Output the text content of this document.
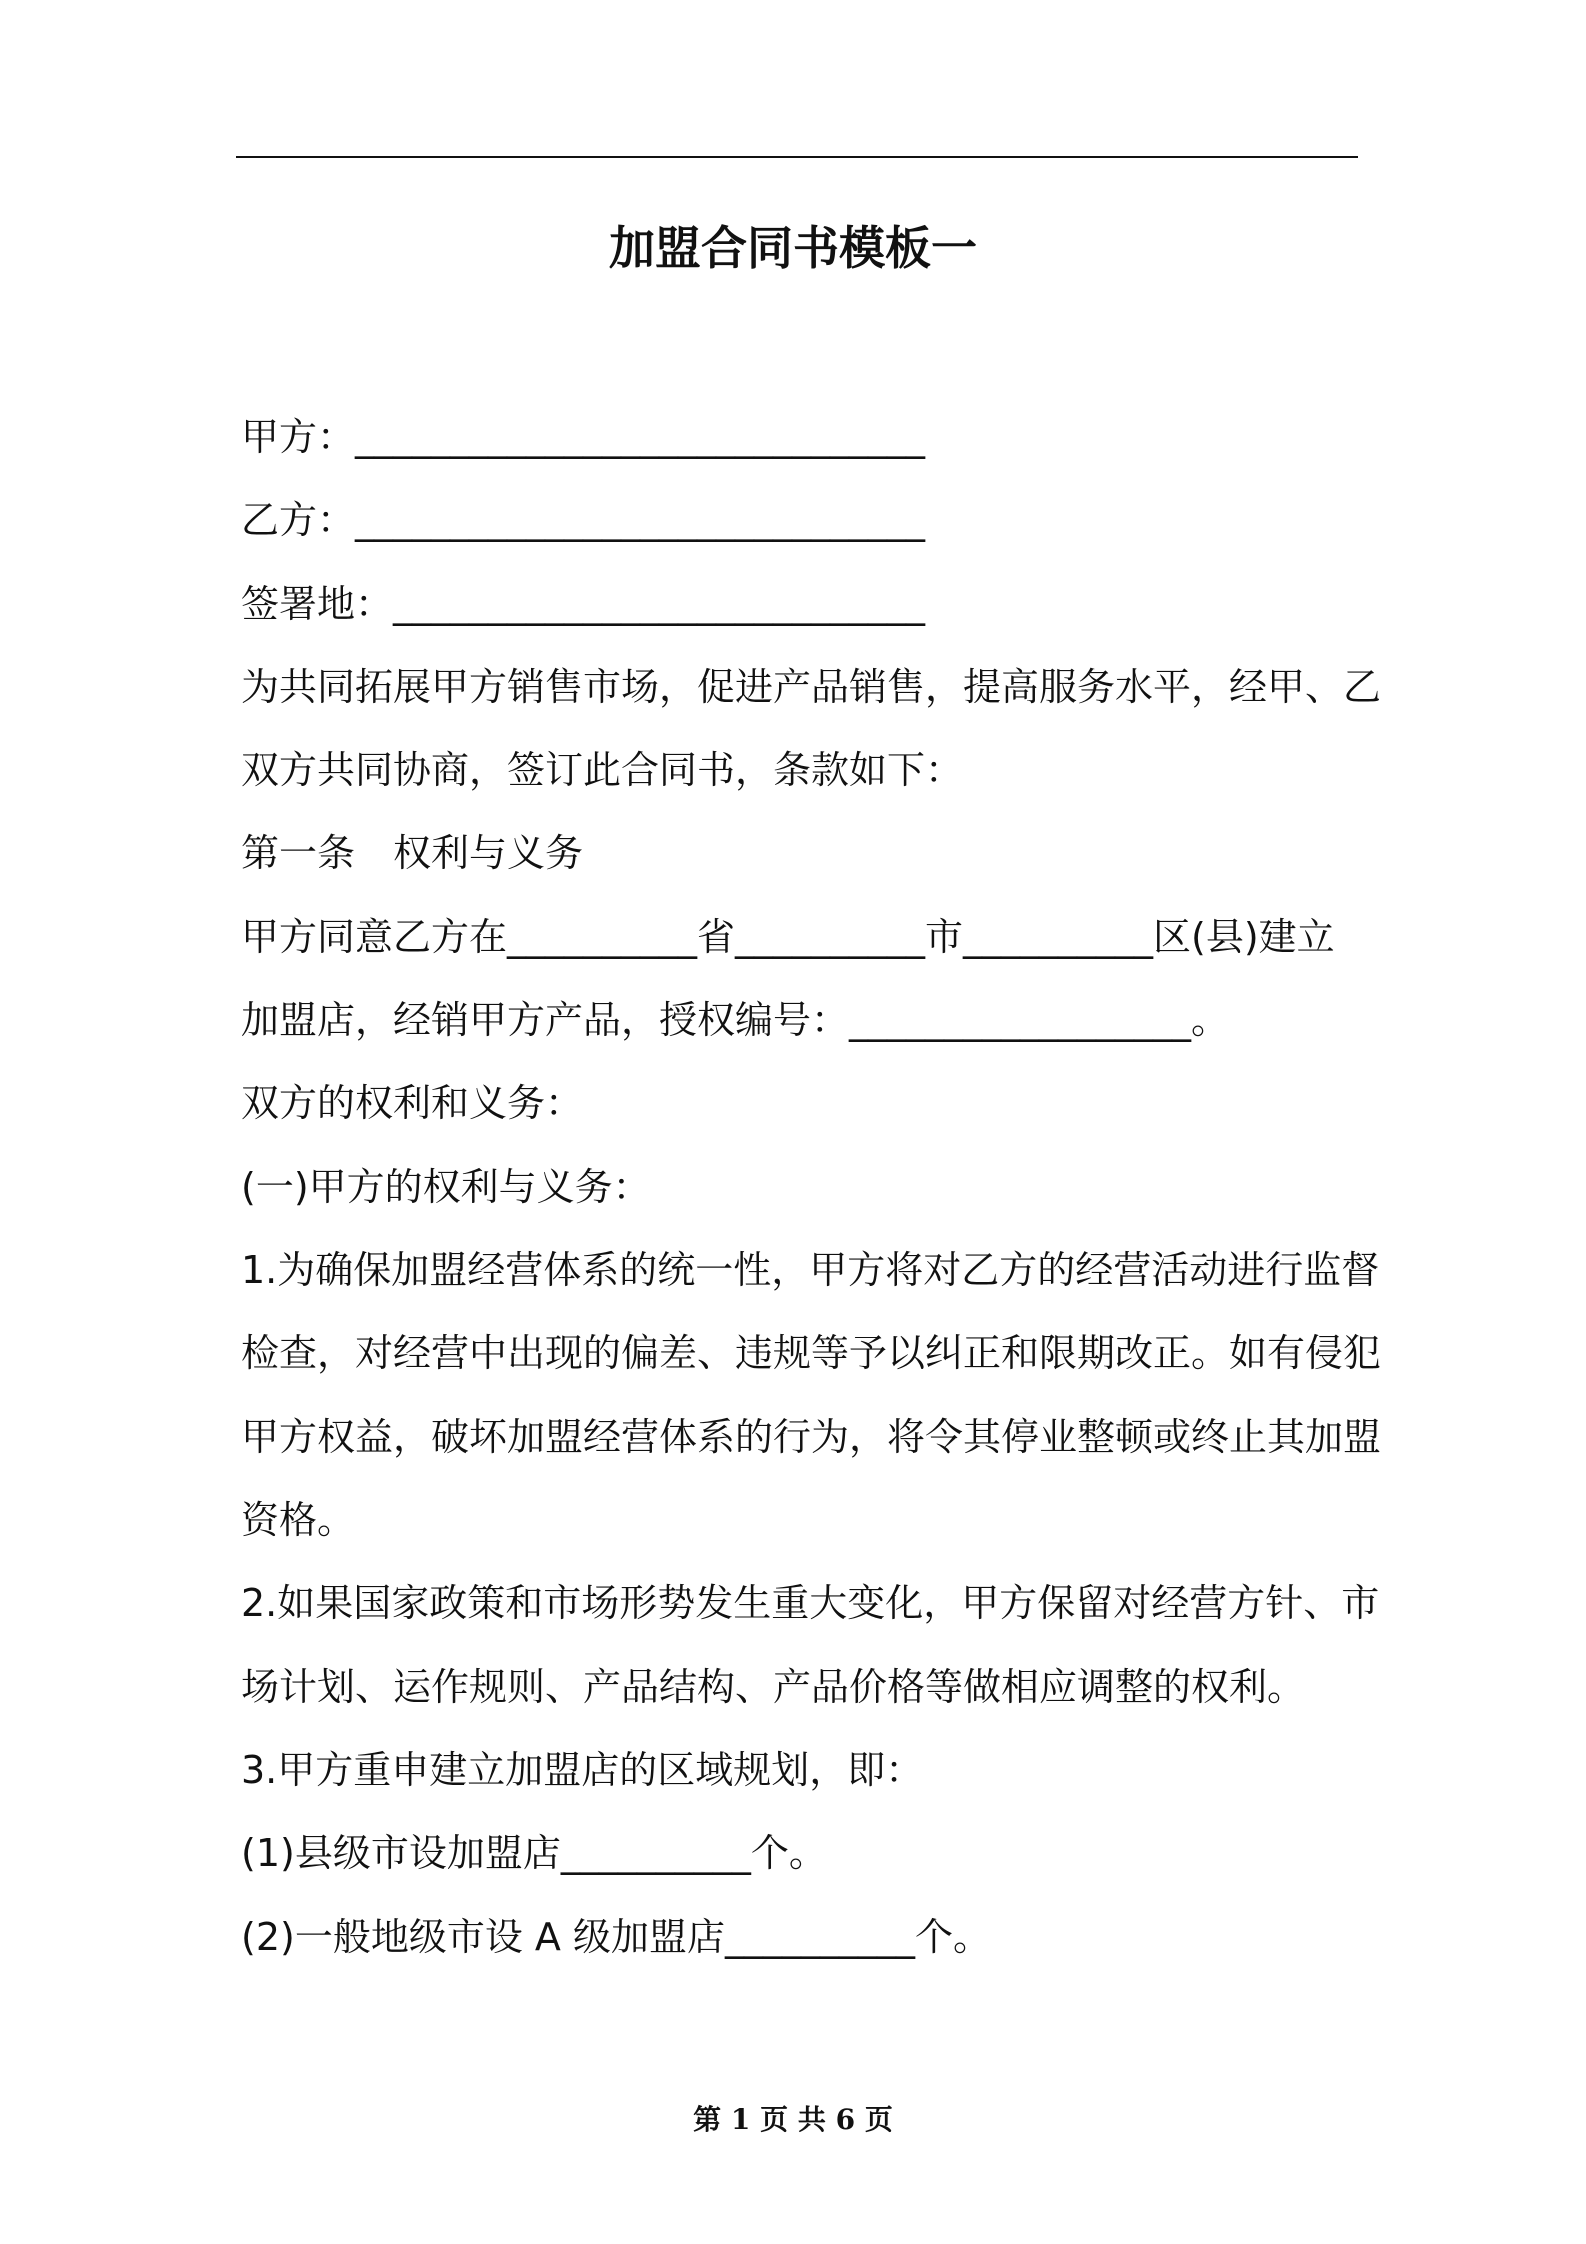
加盟合同书模板一
甲方：______________________________
乙方：______________________________
签署地：____________________________
为共同拓展甲方销售市场，促进产品销售，提高服务水平，经甲、乙
双方共同协商，签订此合同书，条款如下：
第一条　权利与义务
甲方同意乙方在__________省__________市__________区(县)建立
加盟店，经销甲方产品，授权编号：__________________。
双方的权利和义务：
(一)甲方的权利与义务：
1.为确保加盟经营体系的统一性，甲方将对乙方的经营活动进行监督
检查，对经营中出现的偏差、违规等予以纠正和限期改正。如有侵犯
甲方权益，破坏加盟经营体系的行为，将令其停业整顿或终止其加盟
资格。
2.如果国家政策和市场形势发生重大变化，甲方保留对经营方针、市
场计划、运作规则、产品结构、产品价格等做相应调整的权利。
3.甲方重申建立加盟店的区域规划，即：
(1)县级市设加盟店__________个。
(2)一般地级市设 A 级加盟店__________个。
第 1 页 共 6 页
